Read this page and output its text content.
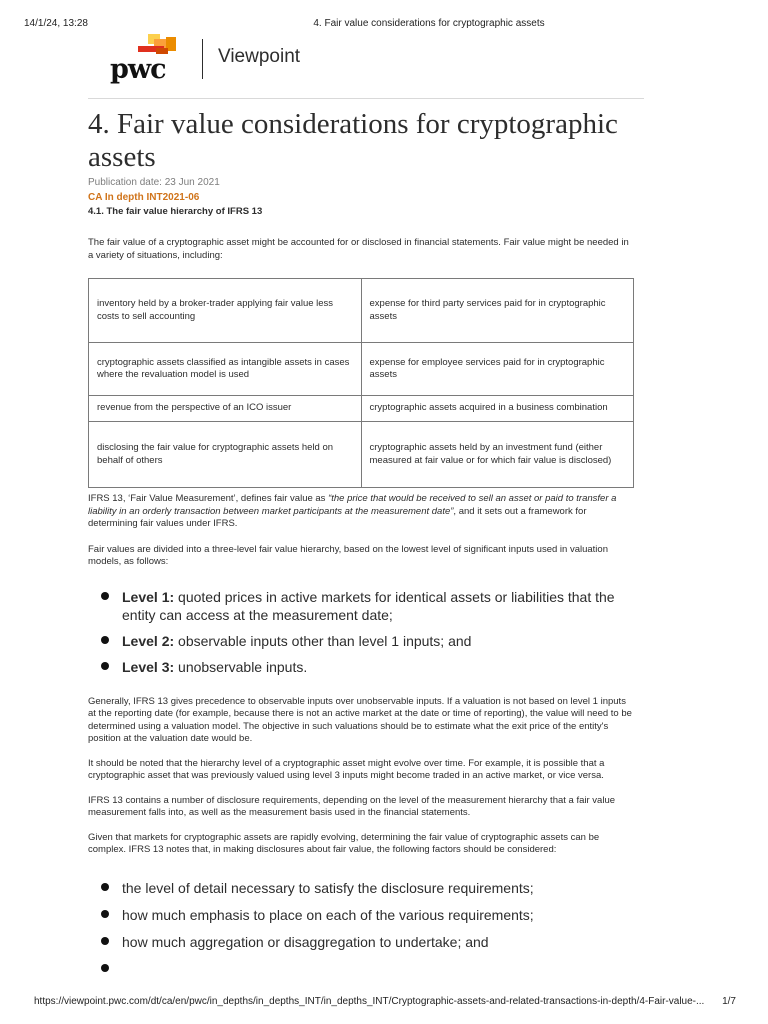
14/1/24, 13:28	4. Fair value considerations for cryptographic assets
pwc	Viewpoint
4. Fair value considerations for cryptographic assets
Publication date: 23 Jun 2021
CA In depth INT2021-06
4.1. The fair value hierarchy of IFRS 13

The fair value of a cryptographic asset might be accounted for or disclosed in financial statements. Fair value might be needed in a variety of situations, including:

inventory held by a broker-trader applying fair value less costs to sell accounting	expense for third party services paid for in cryptographic assets
cryptographic assets classified as intangible assets in cases where the revaluation model is used	expense for employee services paid for in cryptographic assets
revenue from the perspective of an ICO issuer	cryptographic assets acquired in a business combination
disclosing the fair value for cryptographic assets held on behalf of others	cryptographic assets held by an investment fund (either measured at fair value or for which fair value is disclosed)

IFRS 13, ‘Fair Value Measurement’, defines fair value as “the price that would be received to sell an asset or paid to transfer a liability in an orderly transaction between market participants at the measurement date”, and it sets out a framework for determining fair values under IFRS.

Fair values are divided into a three-level fair value hierarchy, based on the lowest level of significant inputs used in valuation models, as follows:

Level 1: quoted prices in active markets for identical assets or liabilities that the entity can access at the measurement date;
Level 2: observable inputs other than level 1 inputs; and
Level 3: unobservable inputs.

Generally, IFRS 13 gives precedence to observable inputs over unobservable inputs. If a valuation is not based on level 1 inputs at the reporting date (for example, because there is not an active market at the date or time of reporting), the value will need to be determined using a valuation model. The objective in such valuations should be to estimate what the exit price of the entity's position at the valuation date would be.

It should be noted that the hierarchy level of a cryptographic asset might evolve over time. For example, it is possible that a cryptographic asset that was previously valued using level 3 inputs might become traded in an active market, or vice versa.

IFRS 13 contains a number of disclosure requirements, depending on the level of the measurement hierarchy that a fair value measurement falls into, as well as the measurement basis used in the financial statements.

Given that markets for cryptographic assets are rapidly evolving, determining the fair value of cryptographic assets can be complex. IFRS 13 notes that, in making disclosures about fair value, the following factors should be considered:

the level of detail necessary to satisfy the disclosure requirements;
how much emphasis to place on each of the various requirements;
how much aggregation or disaggregation to undertake; and
https://viewpoint.pwc.com/dt/ca/en/pwc/in_depths/in_depths_INT/in_depths_INT/Cryptographic-assets-and-related-transactions-in-depth/4-Fair-value-...	1/7
